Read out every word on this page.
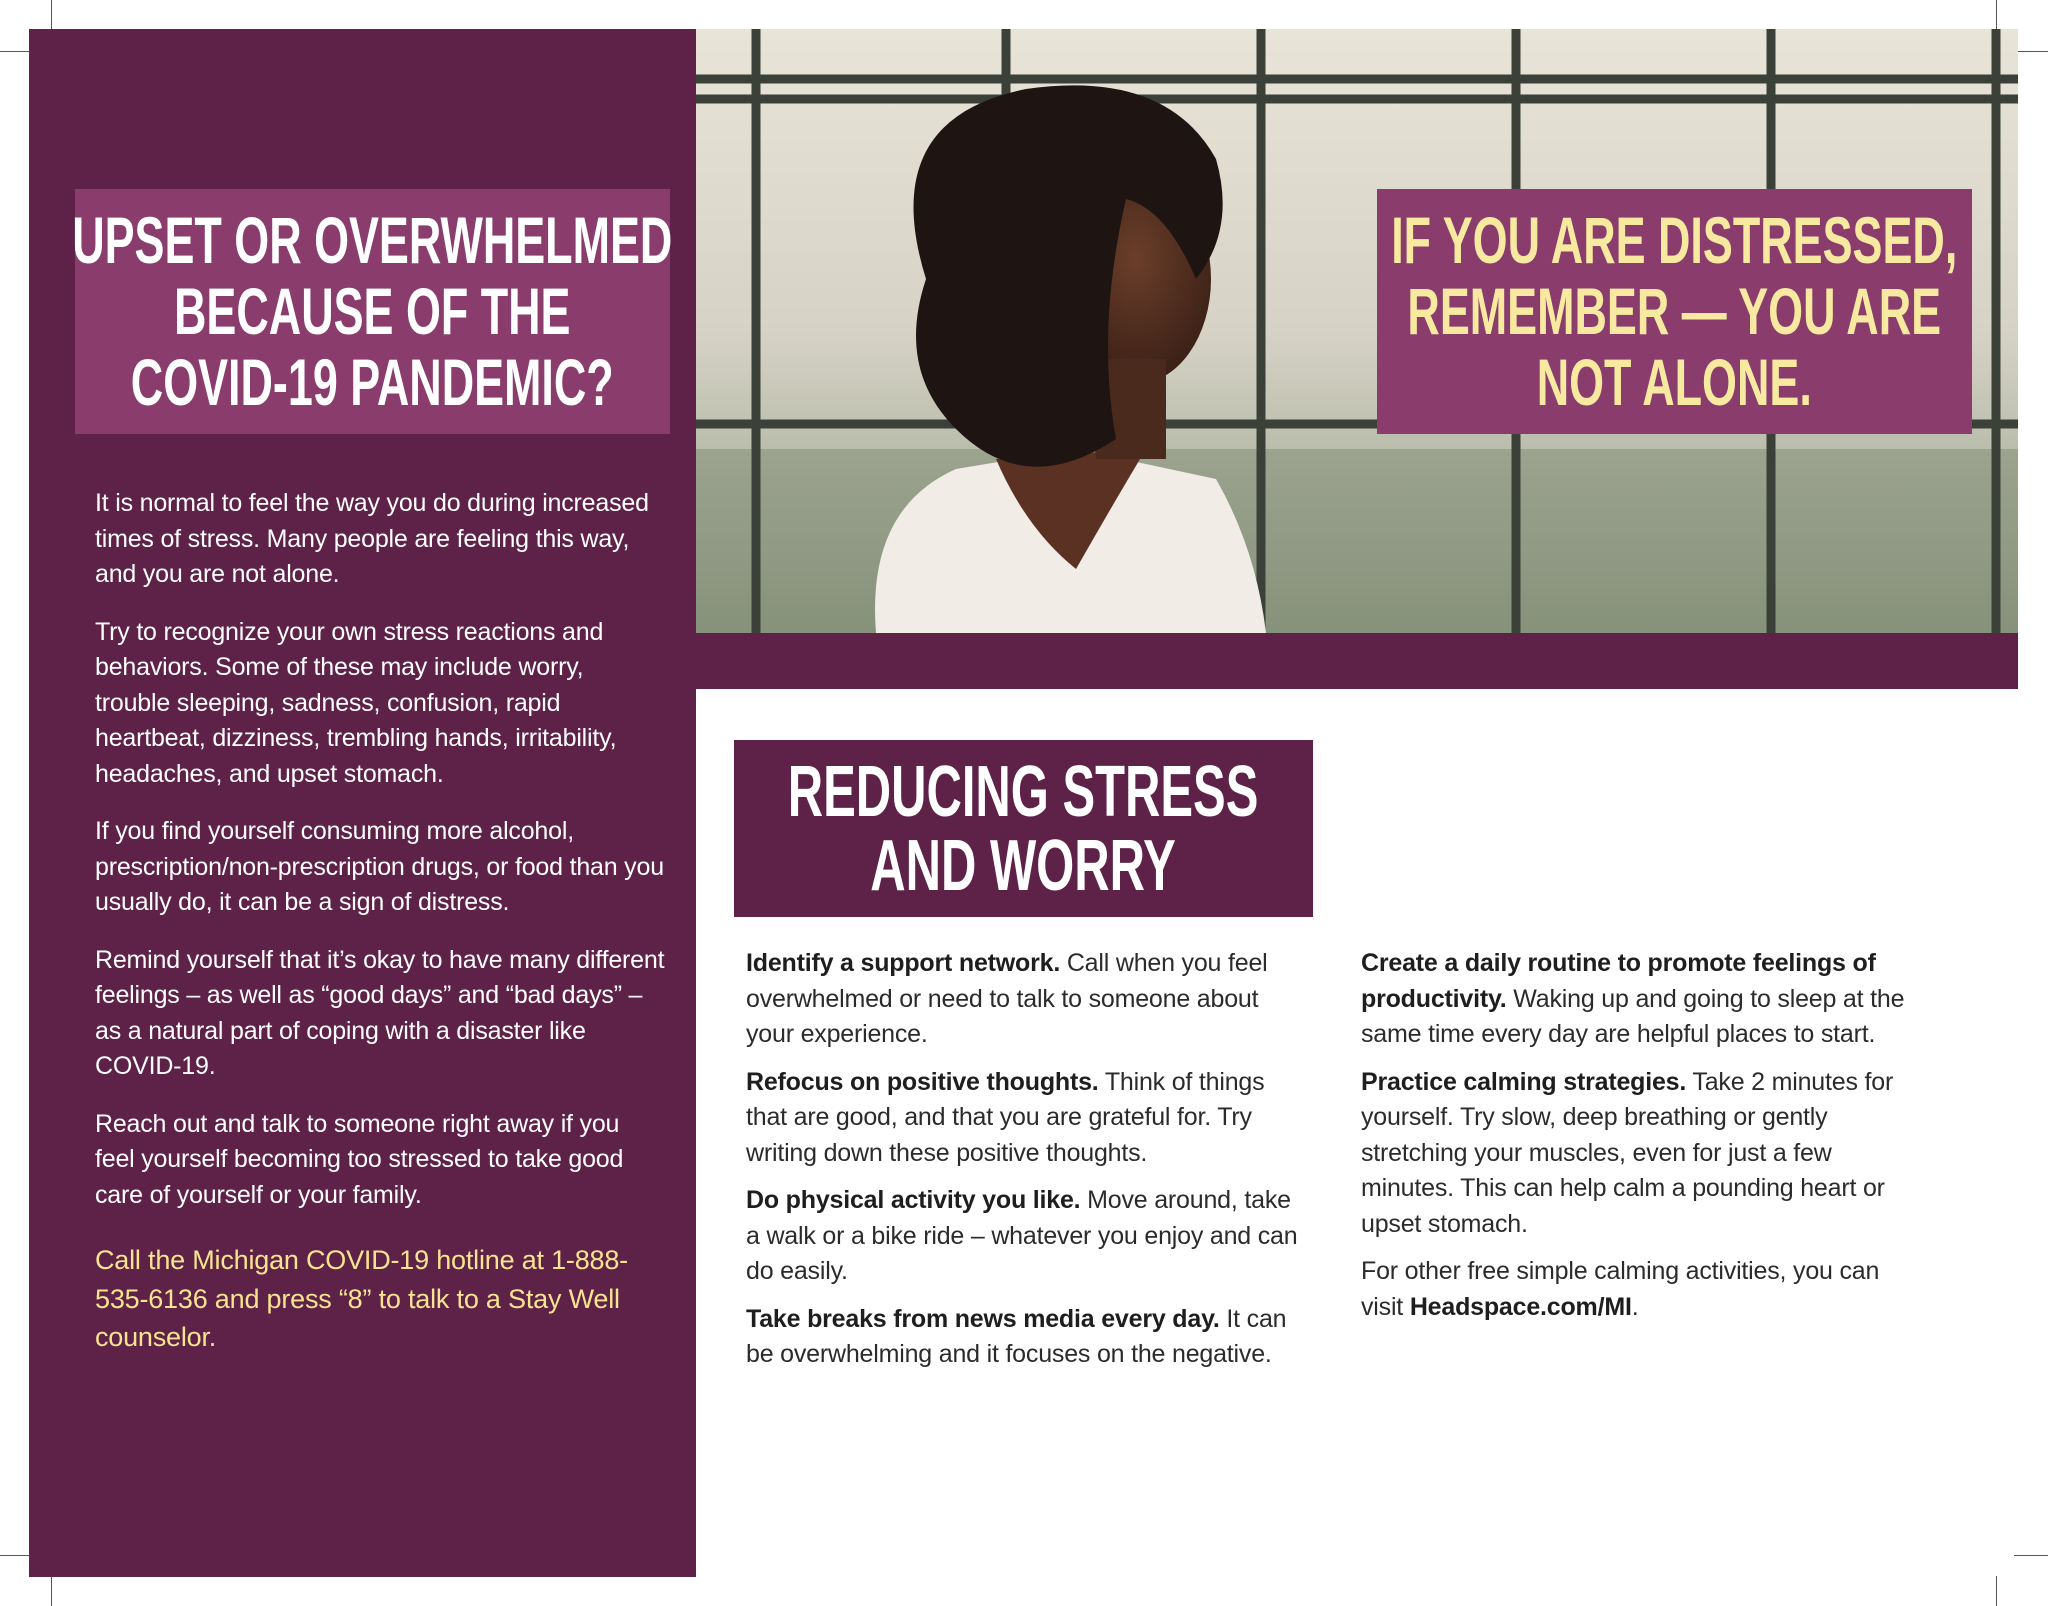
UPSET OR OVERWHELMED
BECAUSE OF THE
COVID-19 PANDEMIC?

It is normal to feel the way you do during increased times of stress. Many people are feeling this way, and you are not alone.

Try to recognize your own stress reactions and behaviors. Some of these may include worry, trouble sleeping, sadness, confusion, rapid heartbeat, dizziness, trembling hands, irritability, headaches, and upset stomach.

If you find yourself consuming more alcohol, prescription/non-prescription drugs, or food than you usually do, it can be a sign of distress.

Remind yourself that it’s okay to have many different feelings – as well as “good days” and “bad days” – as a natural part of coping with a disaster like COVID-19.

Reach out and talk to someone right away if you feel yourself becoming too stressed to take good care of yourself or your family.

Call the Michigan COVID-19 hotline at 1-888-535-6136 and press “8” to talk to a Stay Well counselor.

IF YOU ARE DISTRESSED,
REMEMBER — YOU ARE
NOT ALONE.
REDUCING STRESS
AND WORRY

Identify a support network. Call when you feel overwhelmed or need to talk to someone about your experience.

Refocus on positive thoughts. Think of things that are good, and that you are grateful for. Try writing down these positive thoughts.

Do physical activity you like. Move around, take a walk or a bike ride – whatever you enjoy and can do easily.

Take breaks from news media every day. It can be overwhelming and it focuses on the negative.

Create a daily routine to promote feelings of productivity. Waking up and going to sleep at the same time every day are helpful places to start.

Practice calming strategies. Take 2 minutes for yourself. Try slow, deep breathing or gently stretching your muscles, even for just a few minutes. This can help calm a pounding heart or upset stomach.

For other free simple calming activities, you can visit Headspace.com/MI.
